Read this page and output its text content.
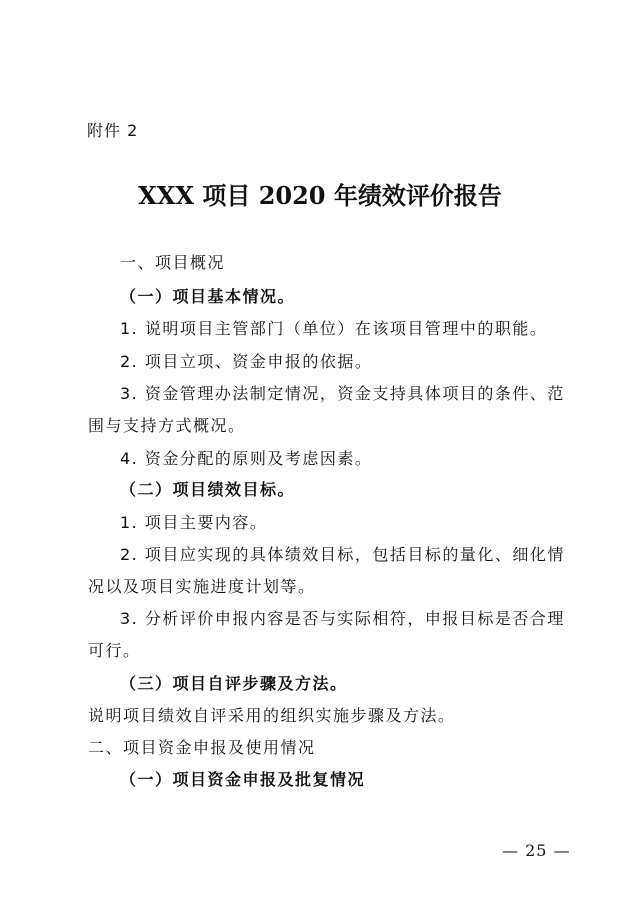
附件 2
XXX 项目 2020 年绩效评价报告
一、项目概况
（一）项目基本情况。
1. 说明项目主管部门（单位）在该项目管理中的职能。
2. 项目立项、资金申报的依据。
3. 资金管理办法制定情况，资金支持具体项目的条件、范
围与支持方式概况。
4. 资金分配的原则及考虑因素。
（二）项目绩效目标。
1. 项目主要内容。
2. 项目应实现的具体绩效目标，包括目标的量化、细化情
况以及项目实施进度计划等。
3. 分析评价申报内容是否与实际相符，申报目标是否合理
可行。
（三）项目自评步骤及方法。
说明项目绩效自评采用的组织实施步骤及方法。
二、项目资金申报及使用情况
（一）项目资金申报及批复情况
— 25 —
